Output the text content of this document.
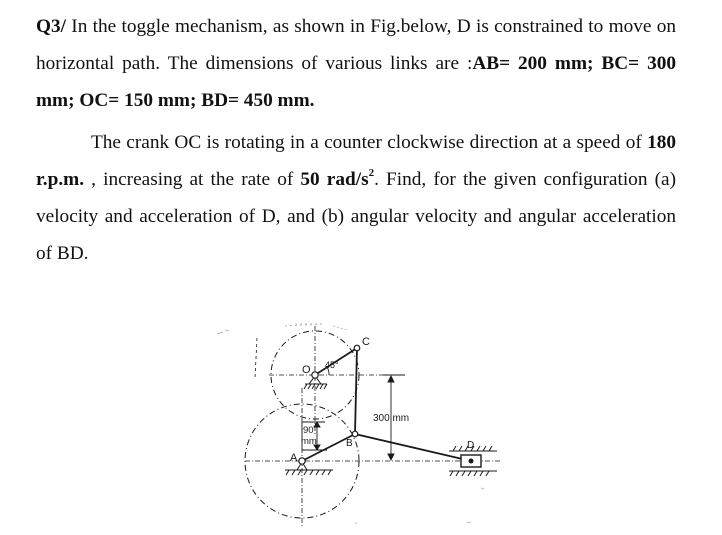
Q3/ In the toggle mechanism, as shown in Fig.below, D is constrained to move on horizontal path. The dimensions of various links are :AB= 200 mm; BC= 300 mm; OC= 150 mm; BD= 450 mm.

The crank OC is rotating in a counter clockwise direction at a speed of 180 r.p.m. , increasing at the rate of 50 rad/$s^2$. Find, for the given configuration (a) velocity and acceleration of D, and (b) angular velocity and angular acceleration of BD.

O
C
45°
A
B	D
300 mm
90
mm
